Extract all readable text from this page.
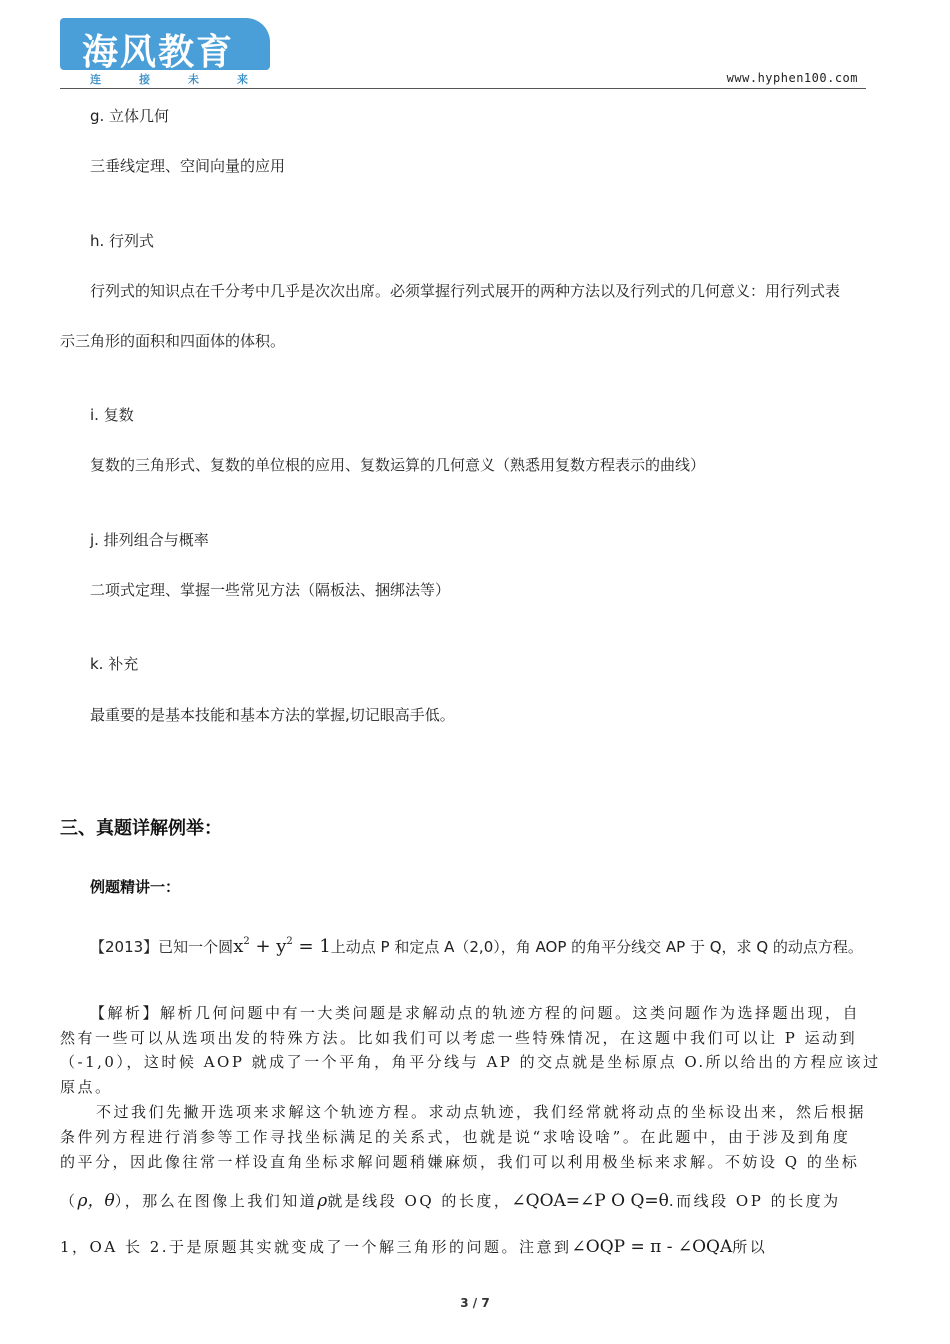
海风教育
连接未来	www.hyphen100.com
g. 立体几何
三垂线定理、空间向量的应用
h. 行列式
行列式的知识点在千分考中几乎是次次出席。必须掌握行列式展开的两种方法以及行列式的几何意义：用行列式表
示三角形的面积和四面体的体积。
i. 复数
复数的三角形式、复数的单位根的应用、复数运算的几何意义（熟悉用复数方程表示的曲线）
j. 排列组合与概率
二项式定理、掌握一些常见方法（隔板法、捆绑法等）
k. 补充
最重要的是基本技能和基本方法的掌握,切记眼高手低。
三、真题详解例举：
例题精讲一：
【2013】已知一个圆$x^2 + y^2 = 1$上动点 P 和定点 A（2,0），角 AOP 的角平分线交 AP 于 Q，求 Q 的动点方程。
【解析】解析几何问题中有一大类问题是求解动点的轨迹方程的问题。这类问题作为选择题出现，自
然有一些可以从选项出发的特殊方法。比如我们可以考虑一些特殊情况，在这题中我们可以让 P 运动到
（-1,0），这时候 AOP 就成了一个平角，角平分线与 AP 的交点就是坐标原点 O.所以给出的方程应该过
原点。
不过我们先撇开选项来求解这个轨迹方程。求动点轨迹，我们经常就将动点的坐标设出来，然后根据
条件列方程进行消参等工作寻找坐标满足的关系式，也就是说“求啥设啥”。在此题中，由于涉及到角度
的平分，因此像往常一样设直角坐标求解问题稍嫌麻烦，我们可以利用极坐标来求解。不妨设 Q 的坐标
（ρ，θ），那么在图像上我们知道ρ就是线段 OQ 的长度，∠QOA=∠P O Q=θ.而线段 OP 的长度为
1，OA 长 2.于是原题其实就变成了一个解三角形的问题。注意到∠OQP = π - ∠OQA所以
3 / 7
